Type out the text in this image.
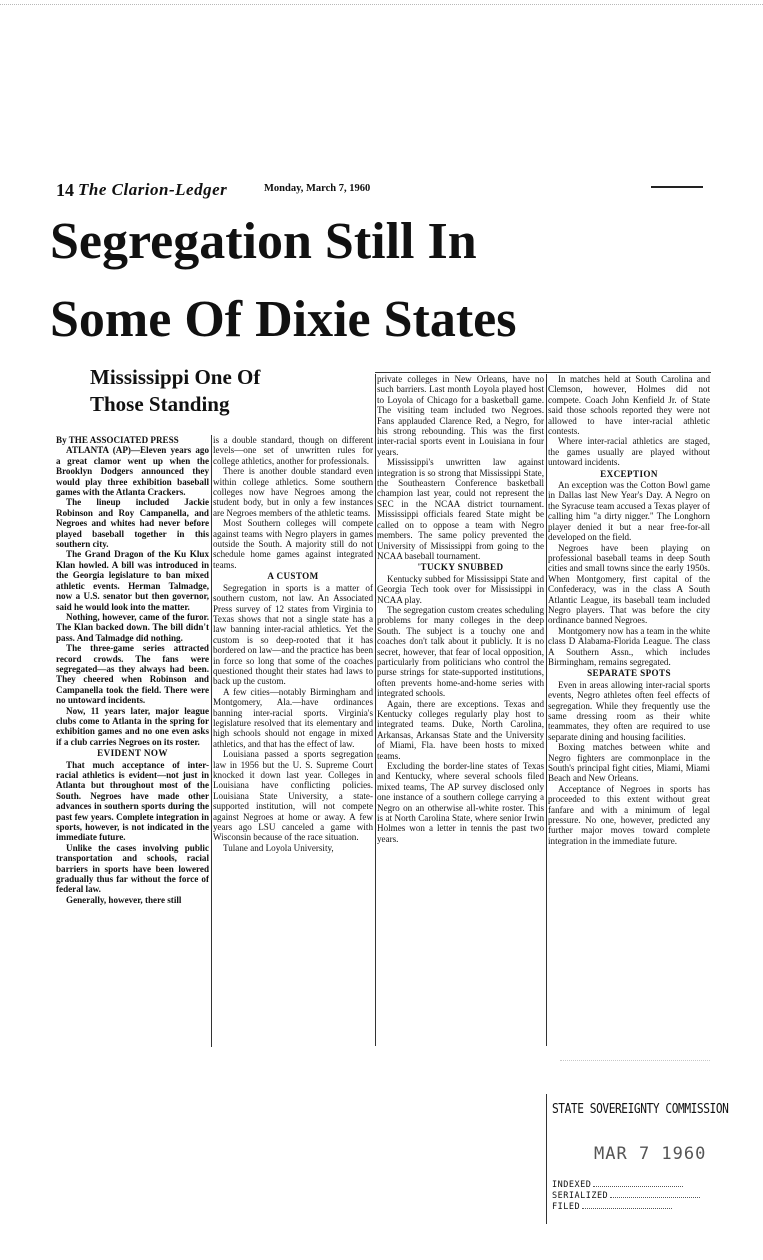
14 The Clarion-Ledger	Monday, March 7, 1960
Segregation Still In
Some Of Dixie States
Mississippi One Of
Those Standing

By THE ASSOCIATED PRESS

ATLANTA (AP)—Eleven years ago a great clamor went up when the Brooklyn Dodgers announced they would play three exhibition baseball games with the Atlanta Crackers.

The lineup included Jackie Robinson and Roy Campanella, and Negroes and whites had never before played baseball together in this southern city.

The Grand Dragon of the Ku Klux Klan howled. A bill was introduced in the Georgia legislature to ban mixed athletic events. Herman Talmadge, now a U.S. senator but then governor, said he would look into the matter.

Nothing, however, came of the furor. The Klan backed down. The bill didn't pass. And Talmadge did nothing.

The three-game series attracted record crowds. The fans were segregated—as they always had been. They cheered when Robinson and Campanella took the field. There were no untoward incidents.

Now, 11 years later, major league clubs come to Atlanta in the spring for exhibition games and no one even asks if a club carries Negroes on its roster.

EVIDENT NOW

That much acceptance of inter-racial athletics is evident—not just in Atlanta but throughout most of the South. Negroes have made other advances in southern sports during the past few years. Complete integration in sports, however, is not indicated in the immediate future.

Unlike the cases involving public transportation and schools, racial barriers in sports have been lowered gradually thus far without the force of federal law.

Generally, however, there still

is a double standard, though on different levels—one set of unwritten rules for college athletics, another for professionals.

There is another double standard even within college athletics. Some southern colleges now have Negroes among the student body, but in only a few instances are Negroes members of the athletic teams.

Most Southern colleges will compete against teams with Negro players in games outside the South. A majority still do not schedule home games against integrated teams.

A CUSTOM

Segregation in sports is a matter of southern custom, not law. An Associated Press survey of 12 states from Virginia to Texas shows that not a single state has a law banning inter-racial athletics. Yet the custom is so deep-rooted that it has bordered on law—and the practice has been in force so long that some of the coaches questioned thought their states had laws to back up the custom.

A few cities—notably Birmingham and Montgomery, Ala.—have ordinances banning inter-racial sports. Virginia's legislature resolved that its elementary and high schools should not engage in mixed athletics, and that has the effect of law.

Louisiana passed a sports segregation law in 1956 but the U. S. Supreme Court knocked it down last year. Colleges in Louisiana have conflicting policies. Louisiana State University, a state-supported institution, will not compete against Negroes at home or away. A few years ago LSU canceled a game with Wisconsin because of the race situation.

Tulane and Loyola University,

private colleges in New Orleans, have no such barriers. Last month Loyola played host to Loyola of Chicago for a basketball game. The visiting team included two Negroes. Fans applauded Clarence Red, a Negro, for his strong rebounding. This was the first inter-racial sports event in Louisiana in four years.

Mississippi's unwritten law against integration is so strong that Mississippi State, the Southeastern Conference basketball champion last year, could not represent the SEC in the NCAA district tournament. Mississippi officials feared State might be called on to oppose a team with Negro members. The same policy prevented the University of Mississippi from going to the NCAA baseball tournament.

'TUCKY SNUBBED

Kentucky subbed for Mississippi State and Georgia Tech took over for Mississippi in NCAA play.

The segregation custom creates scheduling problems for many colleges in the deep South. The subject is a touchy one and coaches don't talk about it publicly. It is no secret, however, that fear of local opposition, particularly from politicians who control the purse strings for state-supported institutions, often prevents home-and-home series with integrated schools.

Again, there are exceptions. Texas and Kentucky colleges regularly play host to integrated teams. Duke, North Carolina, Arkansas, Arkansas State and the University of Miami, Fla. have been hosts to mixed teams.

Excluding the border-line states of Texas and Kentucky, where several schools filed mixed teams, The AP survey disclosed only one instance of a southern college carrying a Negro on an otherwise all-white roster. This is at North Carolina State, where senior Irwin Holmes won a letter in tennis the past two years.

In matches held at South Carolina and Clemson, however, Holmes did not compete. Coach John Kenfield Jr. of State said those schools reported they were not allowed to have inter-racial athletic contests.

Where inter-racial athletics are staged, the games usually are played without untoward incidents.

EXCEPTION

An exception was the Cotton Bowl game in Dallas last New Year's Day. A Negro on the Syracuse team accused a Texas player of calling him "a dirty nigger." The Longhorn player denied it but a near free-for-all developed on the field.

Negroes have been playing on professional baseball teams in deep South cities and small towns since the early 1950s. When Montgomery, first capital of the Confederacy, was in the class A South Atlantic League, its baseball team included Negro players. That was before the city ordinance banned Negroes.

Montgomery now has a team in the white class D Alabama-Florida League. The class A Southern Assn., which includes Birmingham, remains segregated.

SEPARATE SPOTS

Even in areas allowing inter-racial sports events, Negro athletes often feel effects of segregation. While they frequently use the same dressing room as their white teammates, they often are required to use separate dining and housing facilities.

Boxing matches between white and Negro fighters are commonplace in the South's principal fight cities, Miami, Miami Beach and New Orleans.

Acceptance of Negroes in sports has proceeded to this extent without great fanfare and with a minimum of legal pressure. No one, however, predicted any further major moves toward complete integration in the immediate future.

STATE SOVEREIGNTY COMMISSION
MAR 7 1960
INDEXED
SERIALIZED
FILED
